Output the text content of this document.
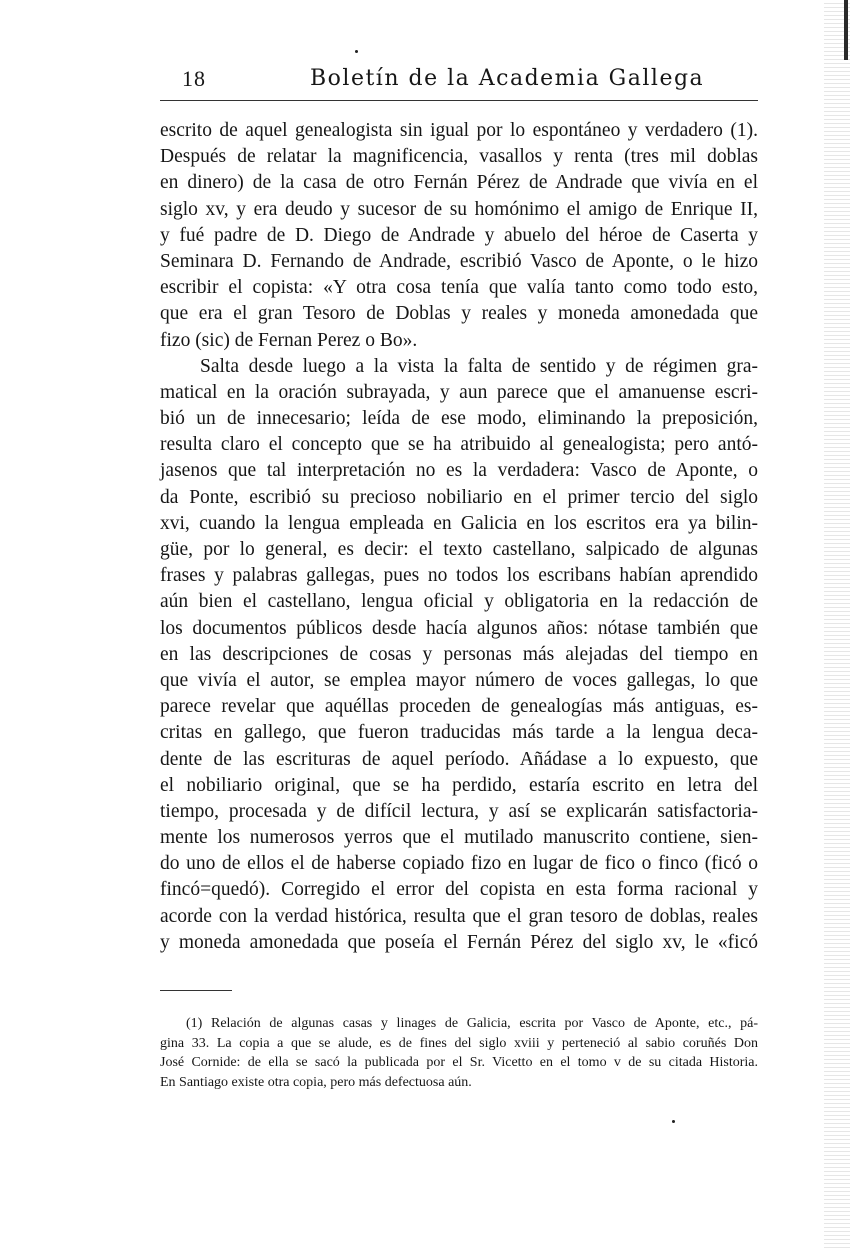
18	Boletín de la Academia Gallega
escrito de aquel genealogista sin igual por lo espontáneo y verdadero (1).
Después de relatar la magnificencia, vasallos y renta (tres mil doblas
en dinero) de la casa de otro Fernán Pérez de Andrade que vivía en el
siglo xv, y era deudo y sucesor de su homónimo el amigo de Enrique II,
y fué padre de D. Diego de Andrade y abuelo del héroe de Caserta y
Seminara D. Fernando de Andrade, escribió Vasco de Aponte, o le hizo
escribir el copista: «Y otra cosa tenía que valía tanto como todo esto,
que era el gran Tesoro de Doblas y reales y moneda amonedada que
fizo (sic) de Fernan Perez o Bo».
Salta desde luego a la vista la falta de sentido y de régimen gra-
matical en la oración subrayada, y aun parece que el amanuense escri-
bió un de innecesario; leída de ese modo, eliminando la preposición,
resulta claro el concepto que se ha atribuido al genealogista; pero antó-
jasenos que tal interpretación no es la verdadera: Vasco de Aponte, o
da Ponte, escribió su precioso nobiliario en el primer tercio del siglo
xvi, cuando la lengua empleada en Galicia en los escritos era ya bilin-
güe, por lo general, es decir: el texto castellano, salpicado de algunas
frases y palabras gallegas, pues no todos los escribans habían aprendido
aún bien el castellano, lengua oficial y obligatoria en la redacción de
los documentos públicos desde hacía algunos años: nótase también que
en las descripciones de cosas y personas más alejadas del tiempo en
que vivía el autor, se emplea mayor número de voces gallegas, lo que
parece revelar que aquéllas proceden de genealogías más antiguas, es-
critas en gallego, que fueron traducidas más tarde a la lengua deca-
dente de las escrituras de aquel período. Añádase a lo expuesto, que
el nobiliario original, que se ha perdido, estaría escrito en letra del
tiempo, procesada y de difícil lectura, y así se explicarán satisfactoria-
mente los numerosos yerros que el mutilado manuscrito contiene, sien-
do uno de ellos el de haberse copiado fizo en lugar de fico o finco (ficó o
fincó=quedó). Corregido el error del copista en esta forma racional y
acorde con la verdad histórica, resulta que el gran tesoro de doblas, reales
y moneda amonedada que poseía el Fernán Pérez del siglo xv, le «ficó
(1) Relación de algunas casas y linages de Galicia, escrita por Vasco de Aponte, etc., pá-
gina 33. La copia a que se alude, es de fines del siglo xviii y perteneció al sabio coruñés Don
José Cornide: de ella se sacó la publicada por el Sr. Vicetto en el tomo v de su citada Historia.
En Santiago existe otra copia, pero más defectuosa aún.
